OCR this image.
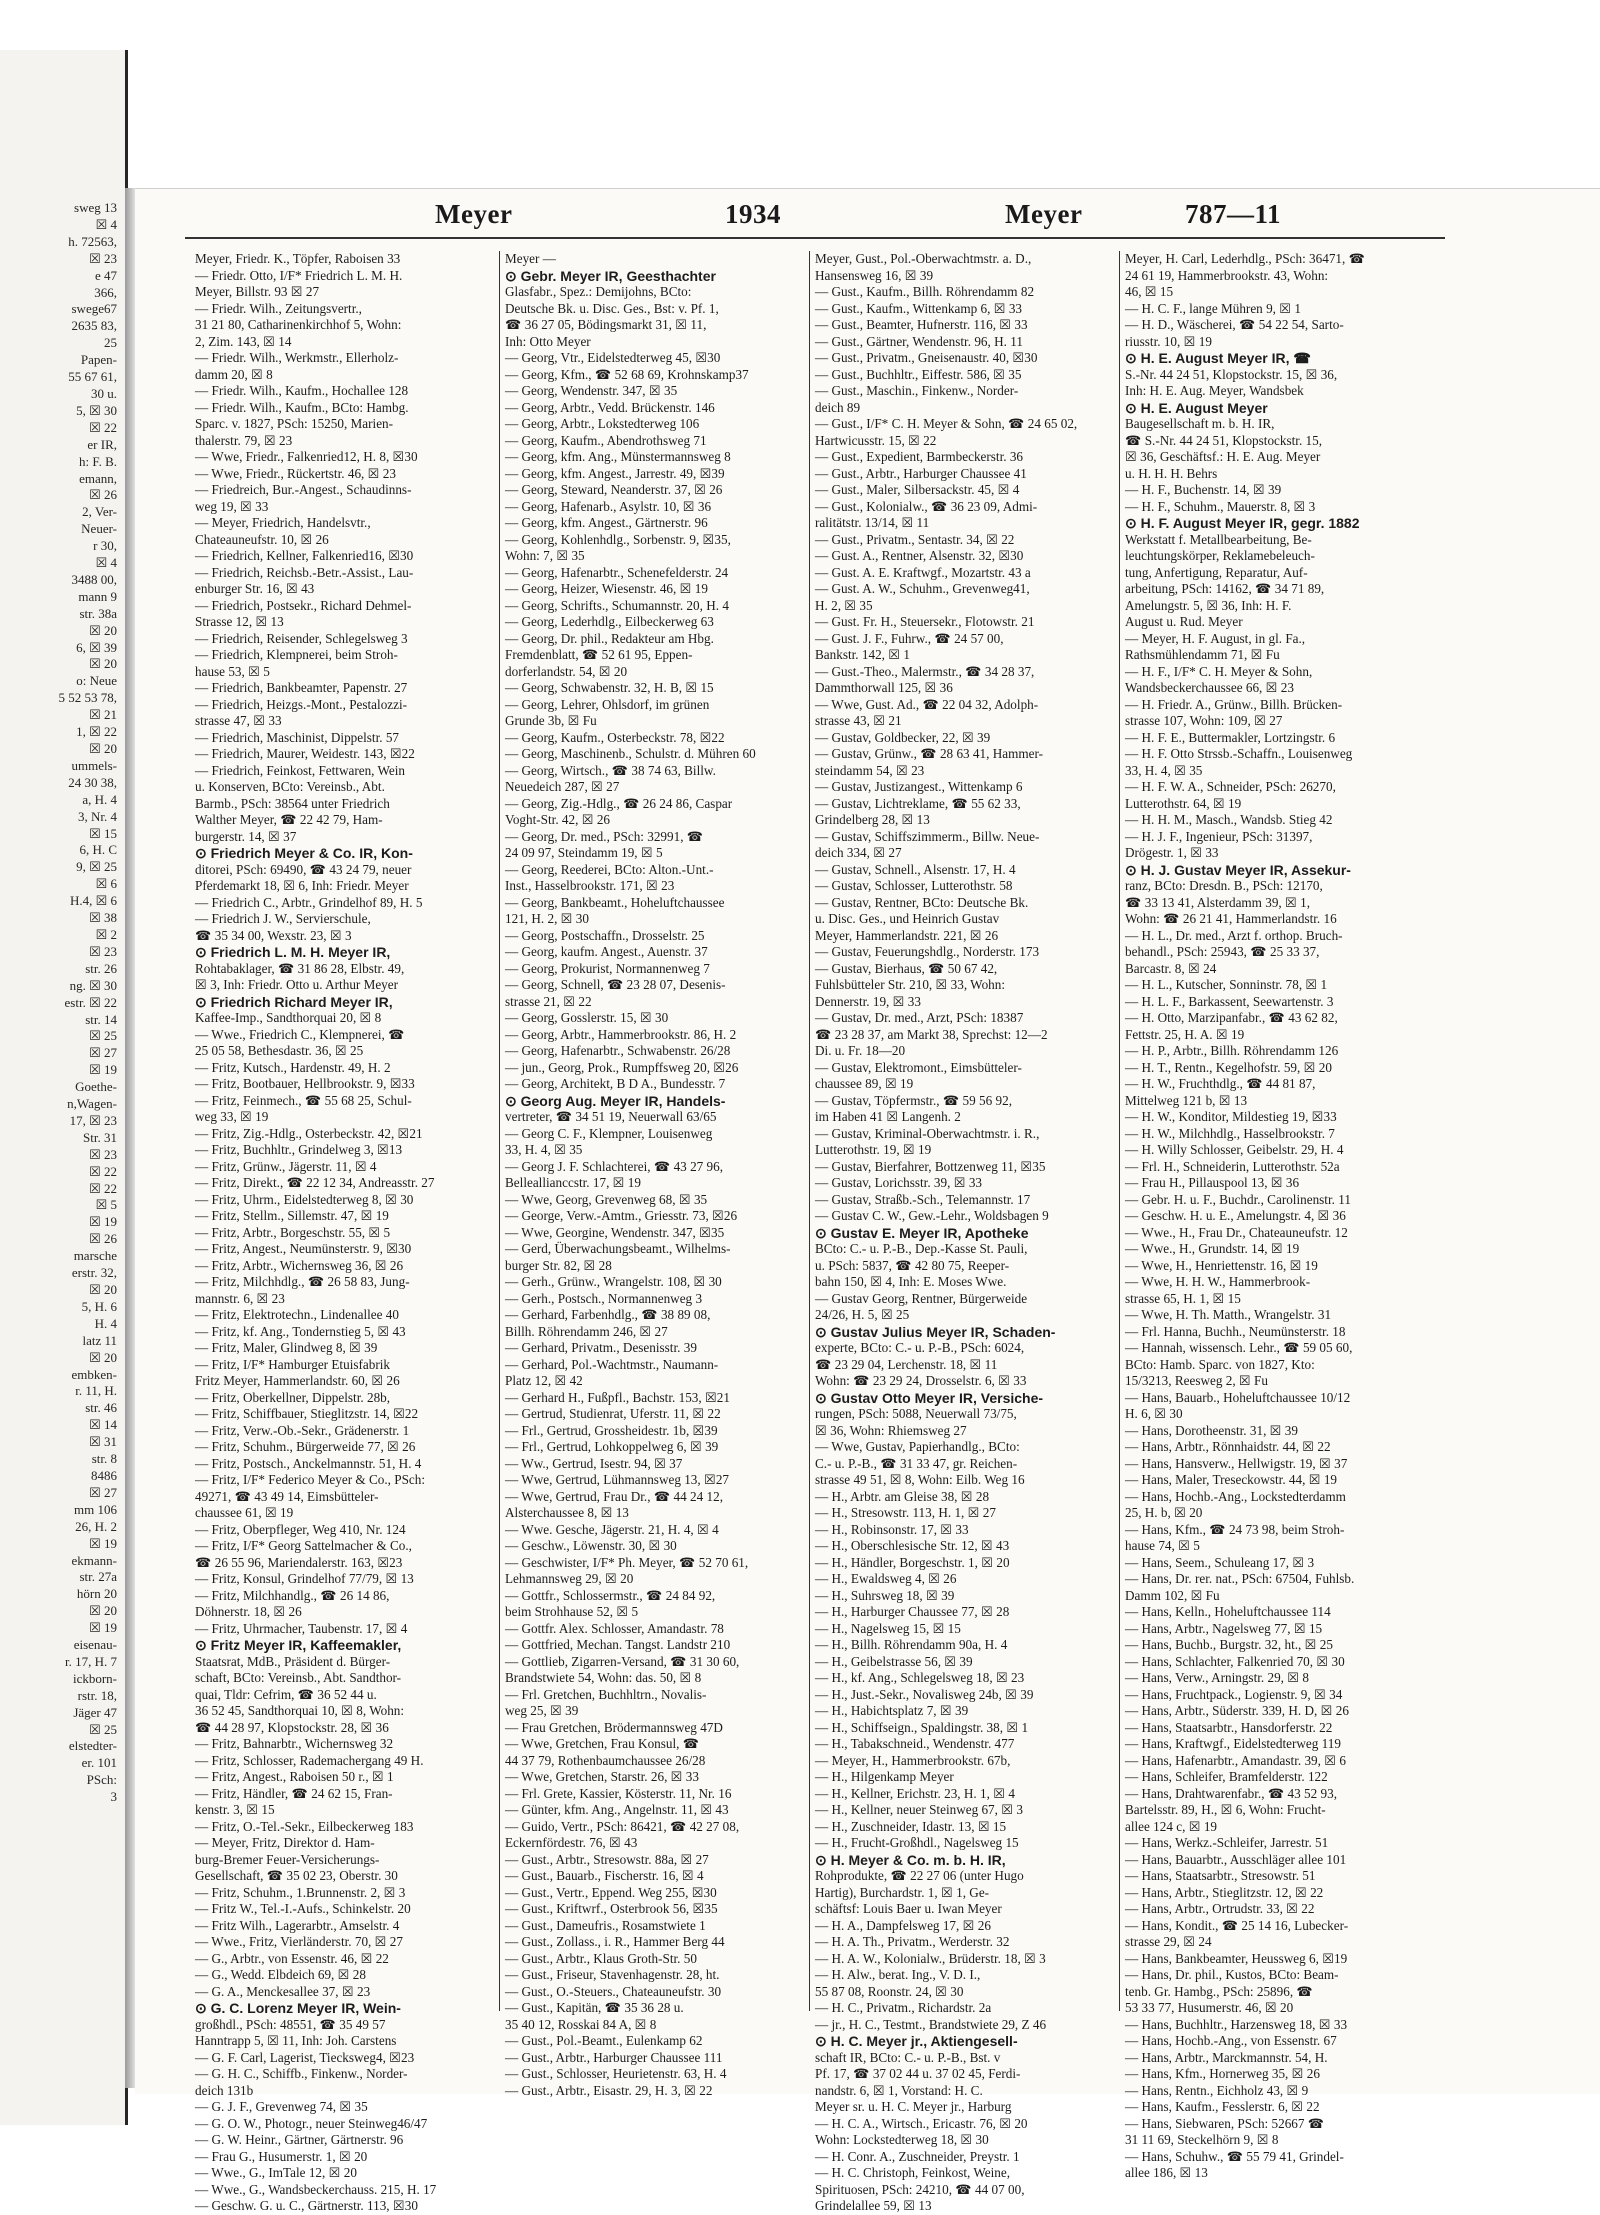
sweg 13
☒ 4
h. 72563,
☒ 23
e 47
366,
swege67
2635 83,
25
Papen-
55 67 61,
30 u.
5, ☒ 30
☒ 22
er IR,
h: F. B.
emann,
☒ 26
2, Ver-
Neuer-
r 30,
☒ 4
3488 00,
mann 9
str. 38a
☒ 20
6, ☒ 39
☒ 20
o: Neue
5 52 53 78,
☒ 21
1, ☒ 22
☒ 20
ummels-
24 30 38,
a, H. 4
3, Nr. 4
☒ 15
6, H. C
9, ☒ 25
☒ 6
H.4, ☒ 6
☒ 38
☒ 2
☒ 23
str. 26
ng. ☒ 30
estr. ☒ 22
str. 14
☒ 25
☒ 27
☒ 19
Goethe-
n,Wagen-
17, ☒ 23
Str. 31
☒ 23
☒ 22
☒ 22
☒ 5
☒ 19
☒ 26
marsche
erstr. 32,
☒ 20
5, H. 6
H. 4
latz 11
☒ 20
embken-
r. 11, H.
str. 46
☒ 14
☒ 31
str. 8
8486
☒ 27
mm 106
26, H. 2
☒ 19
ekmann-
str. 27a
hörn 20
☒ 20
☒ 19
eisenau-
r. 17, H. 7
ickborn-
rstr. 18,
Jäger 47
☒ 25
elstedter-
er. 101
PSch:
3
Meyer	1934	Meyer	787—11
Meyer, Friedr. K., Töpfer, Raboisen 33
— Friedr. Otto, I/F* Friedrich L. M. H.
Meyer, Billstr. 93 ☒ 27
— Friedr. Wilh., Zeitungsvertr.,
31 21 80, Catharinenkirchhof 5, Wohn:
2, Zim. 143, ☒ 14
— Friedr. Wilh., Werkmstr., Ellerholz-
damm 20, ☒ 8
— Friedr. Wilh., Kaufm., Hochallee 128
— Friedr. Wilh., Kaufm., BCto: Hambg.
Sparc. v. 1827, PSch: 15250, Marien-
thalerstr. 79, ☒ 23
— Wwe, Friedr., Falkenried12, H. 8, ☒30
— Wwe, Friedr., Rückertstr. 46, ☒ 23
— Friedreich, Bur.-Angest., Schaudinns-
weg 19, ☒ 33
— Meyer, Friedrich, Handelsvtr.,
Chateauneufstr. 10, ☒ 26
— Friedrich, Kellner, Falkenried16, ☒30
— Friedrich, Reichsb.-Betr.-Assist., Lau-
enburger Str. 16, ☒ 43
— Friedrich, Postsekr., Richard Dehmel-
Strasse 12, ☒ 13
— Friedrich, Reisender, Schlegelsweg 3
— Friedrich, Klempnerei, beim Stroh-
hause 53, ☒ 5
— Friedrich, Bankbeamter, Papenstr. 27
— Friedrich, Heizgs.-Mont., Pestalozzi-
strasse 47, ☒ 33
— Friedrich, Maschinist, Dippelstr. 57
— Friedrich, Maurer, Weidestr. 143, ☒22
— Friedrich, Feinkost, Fettwaren, Wein
u. Konserven, BCto: Vereinsb., Abt.
Barmb., PSch: 38564 unter Friedrich
Walther Meyer, ☎ 22 42 79, Ham-
burgerstr. 14, ☒ 37
⊙ Friedrich Meyer & Co. IR, Kon-
ditorei, PSch: 69490, ☎ 43 24 79, neuer
Pferdemarkt 18, ☒ 6, Inh: Friedr. Meyer
— Friedrich C., Arbtr., Grindelhof 89, H. 5
— Friedrich J. W., Servierschule,
☎ 35 34 00, Wexstr. 23, ☒ 3
⊙ Friedrich L. M. H. Meyer IR,
Rohtabaklager, ☎ 31 86 28, Elbstr. 49,
☒ 3, Inh: Friedr. Otto u. Arthur Meyer
⊙ Friedrich Richard Meyer IR,
Kaffee-Imp., Sandthorquai 20, ☒ 8
— Wwe., Friedrich C., Klempnerei, ☎
25 05 58, Bethesdastr. 36, ☒ 25
— Fritz, Kutsch., Hardenstr. 49, H. 2
— Fritz, Bootbauer, Hellbrookstr. 9, ☒33
— Fritz, Feinmech., ☎ 55 68 25, Schul-
weg 33, ☒ 19
— Fritz, Zig.-Hdlg., Osterbeckstr. 42, ☒21
— Fritz, Buchhltr., Grindelweg 3, ☒13
— Fritz, Grünw., Jägerstr. 11, ☒ 4
— Fritz, Direkt., ☎ 22 12 34, Andreasstr. 27
— Fritz, Uhrm., Eidelstedterweg 8, ☒ 30
— Fritz, Stellm., Sillemstr. 47, ☒ 19
— Fritz, Arbtr., Borgeschstr. 55, ☒ 5
— Fritz, Angest., Neumünsterstr. 9, ☒30
— Fritz, Arbtr., Wichernsweg 36, ☒ 26
— Fritz, Milchhdlg., ☎ 26 58 83, Jung-
mannstr. 6, ☒ 23
— Fritz, Elektrotechn., Lindenallee 40
— Fritz, kf. Ang., Tondernstieg 5, ☒ 43
— Fritz, Maler, Glindweg 8, ☒ 39
— Fritz, I/F* Hamburger Etuisfabrik
Fritz Meyer, Hammerlandstr. 60, ☒ 26
— Fritz, Oberkellner, Dippelstr. 28b,
— Fritz, Schiffbauer, Stieglitzstr. 14, ☒22
— Fritz, Verw.-Ob.-Sekr., Grädenerstr. 1
— Fritz, Schuhm., Bürgerweide 77, ☒ 26
— Fritz, Postsch., Anckelmannstr. 51, H. 4
— Fritz, I/F* Federico Meyer & Co., PSch:
49271, ☎ 43 49 14, Eimsbütteler-
chaussee 61, ☒ 19
— Fritz, Oberpfleger, Weg 410, Nr. 124
— Fritz, I/F* Georg Sattelmacher & Co.,
☎ 26 55 96, Mariendalerstr. 163, ☒23
— Fritz, Konsul, Grindelhof 77/79, ☒ 13
— Fritz, Milchhandlg., ☎ 26 14 86,
Döhnerstr. 18, ☒ 26
— Fritz, Uhrmacher, Taubenstr. 17, ☒ 4
⊙ Fritz Meyer IR, Kaffeemakler,
Staatsrat, MdB., Präsident d. Bürger-
schaft, BCto: Vereinsb., Abt. Sandthor-
quai, Tldr: Cefrim, ☎ 36 52 44 u.
36 52 45, Sandthorquai 10, ☒ 8, Wohn:
☎ 44 28 97, Klopstockstr. 28, ☒ 36
— Fritz, Bahnarbtr., Wichernsweg 32
— Fritz, Schlosser, Rademachergang 49 H.
— Fritz, Angest., Raboisen 50 r., ☒ 1
— Fritz, Händler, ☎ 24 62 15, Fran-
kenstr. 3, ☒ 15
— Fritz, O.-Tel.-Sekr., Eilbeckerweg 183
— Meyer, Fritz, Direktor d. Ham-
burg-Bremer Feuer-Versicherungs-
Gesellschaft, ☎ 35 02 23, Oberstr. 30
— Fritz, Schuhm., 1.Brunnenstr. 2, ☒ 3
— Fritz W., Tel.-I.-Aufs., Schinkelstr. 20
— Fritz Wilh., Lagerarbtr., Amselstr. 4
— Wwe., Fritz, Vierländerstr. 70, ☒ 27
— G., Arbtr., von Essenstr. 46, ☒ 22
— G., Wedd. Elbdeich 69, ☒ 28
— G. A., Menckesallee 37, ☒ 23
⊙ G. C. Lorenz Meyer IR, Wein-
großhdl., PSch: 48551, ☎ 35 49 57
Hanntrapp 5, ☒ 11, Inh: Joh. Carstens
— G. F. Carl, Lagerist, Tiecksweg4, ☒23
— G. H. C., Schiffb., Finkenw., Norder-
deich 131b
— G. J. F., Grevenweg 74, ☒ 35
— G. O. W., Photogr., neuer Steinweg46/47
— G. W. Heinr., Gärtner, Gärtnerstr. 96
— Frau G., Husumerstr. 1, ☒ 20
— Wwe., G., ImTale 12, ☒ 20
— Wwe., G., Wandsbeckerchauss. 215, H. 17
— Geschw. G. u. C., Gärtnerstr. 113, ☒30
Meyer —
⊙ Gebr. Meyer IR, Geesthachter
Glasfabr., Spez.: Demijohns, BCto:
Deutsche Bk. u. Disc. Ges., Bst: v. Pf. 1,
☎ 36 27 05, Bödingsmarkt 31, ☒ 11,
Inh: Otto Meyer
— Georg, Vtr., Eidelstedterweg 45, ☒30
— Georg, Kfm., ☎ 52 68 69, Krohnskamp37
— Georg, Wendenstr. 347, ☒ 35
— Georg, Arbtr., Vedd. Brückenstr. 146
— Georg, Arbtr., Lokstedterweg 106
— Georg, Kaufm., Abendrothsweg 71
— Georg, kfm. Ang., Münstermannsweg 8
— Georg, kfm. Angest., Jarrestr. 49, ☒39
— Georg, Steward, Neanderstr. 37, ☒ 26
— Georg, Hafenarb., Asylstr. 10, ☒ 36
— Georg, kfm. Angest., Gärtnerstr. 96
— Georg, Kohlenhdlg., Sorbenstr. 9, ☒35,
Wohn: 7, ☒ 35
— Georg, Hafenarbtr., Schenefelderstr. 24
— Georg, Heizer, Wiesenstr. 46, ☒ 19
— Georg, Schrifts., Schumannstr. 20, H. 4
— Georg, Lederhdlg., Eilbeckerweg 63
— Georg, Dr. phil., Redakteur am Hbg.
Fremdenblatt, ☎ 52 61 95, Eppen-
dorferlandstr. 54, ☒ 20
— Georg, Schwabenstr. 32, H. B, ☒ 15
— Georg, Lehrer, Ohlsdorf, im grünen
Grunde 3b, ☒ Fu
— Georg, Kaufm., Osterbeckstr. 78, ☒22
— Georg, Maschinenb., Schulstr. d. Mühren 60
— Georg, Wirtsch., ☎ 38 74 63, Billw.
Neuedeich 287, ☒ 27
— Georg, Zig.-Hdlg., ☎ 26 24 86, Caspar
Voght-Str. 42, ☒ 26
— Georg, Dr. med., PSch: 32991, ☎
24 09 97, Steindamm 19, ☒ 5
— Georg, Reederei, BCto: Alton.-Unt.-
Inst., Hasselbrookstr. 171, ☒ 23
— Georg, Bankbeamt., Hoheluftchaussee
121, H. 2, ☒ 30
— Georg, Postschaffn., Drosselstr. 25
— Georg, kaufm. Angest., Auenstr. 37
— Georg, Prokurist, Normannenweg 7
— Georg, Schnell, ☎ 23 28 07, Desenis-
strasse 21, ☒ 22
— Georg, Gosslerstr. 15, ☒ 30
— Georg, Arbtr., Hammerbrookstr. 86, H. 2
— Georg, Hafenarbtr., Schwabenstr. 26/28
— jun., Georg, Prok., Rumpffsweg 20, ☒26
— Georg, Architekt, B D A., Bundesstr. 7
⊙ Georg Aug. Meyer IR, Handels-
vertreter, ☎ 34 51 19, Neuerwall 63/65
— Georg C. F., Klempner, Louisenweg
33, H. 4, ☒ 35
— Georg J. F. Schlachterei, ☎ 43 27 96,
Belleallianccstr. 17, ☒ 19
— Wwe, Georg, Grevenweg 68, ☒ 35
— George, Verw.-Amtm., Griesstr. 73, ☒26
— Wwe, Georgine, Wendenstr. 347, ☒35
— Gerd, Überwachungsbeamt., Wilhelms-
burger Str. 82, ☒ 28
— Gerh., Grünw., Wrangelstr. 108, ☒ 30
— Gerh., Postsch., Normannenweg 3
— Gerhard, Farbenhdlg., ☎ 38 89 08,
Billh. Röhrendamm 246, ☒ 27
— Gerhard, Privatm., Desenisstr. 39
— Gerhard, Pol.-Wachtmstr., Naumann-
Platz 12, ☒ 42
— Gerhard H., Fußpfl., Bachstr. 153, ☒21
— Gertrud, Studienrat, Uferstr. 11, ☒ 22
— Frl., Gertrud, Grossheidestr. 1b, ☒39
— Frl., Gertrud, Lohkoppelweg 6, ☒ 39
— Ww., Gertrud, Isestr. 94, ☒ 37
— Wwe, Gertrud, Lühmannsweg 13, ☒27
— Wwe, Gertrud, Frau Dr., ☎ 44 24 12,
Alsterchaussee 8, ☒ 13
— Wwe. Gesche, Jägerstr. 21, H. 4, ☒ 4
— Geschw., Löwenstr. 30, ☒ 30
— Geschwister, I/F* Ph. Meyer, ☎ 52 70 61,
Lehmannsweg 29, ☒ 20
— Gottfr., Schlossermstr., ☎ 24 84 92,
beim Strohhause 52, ☒ 5
— Gottfr. Alex. Schlosser, Amandastr. 78
— Gottfried, Mechan. Tangst. Landstr 210
— Gottlieb, Zigarren-Versand, ☎ 31 30 60,
Brandstwiete 54, Wohn: das. 50, ☒ 8
— Frl. Gretchen, Buchhltrn., Novalis-
weg 25, ☒ 39
— Frau Gretchen, Brödermannsweg 47D
— Wwe, Gretchen, Frau Konsul, ☎
44 37 79, Rothenbaumchaussee 26/28
— Wwe, Gretchen, Starstr. 26, ☒ 33
— Frl. Grete, Kassier, Kösterstr. 11, Nr. 16
— Günter, kfm. Ang., Angelnstr. 11, ☒ 43
— Guido, Vertr., PSch: 86421, ☎ 42 27 08,
Eckernfördestr. 76, ☒ 43
— Gust., Arbtr., Stresowstr. 88a, ☒ 27
— Gust., Bauarb., Fischerstr. 16, ☒ 4
— Gust., Vertr., Eppend. Weg 255, ☒30
— Gust., Kriftwrf., Osterbrook 56, ☒35
— Gust., Dameufris., Rosamstwiete 1
— Gust., Zollass., i. R., Hammer Berg 44
— Gust., Arbtr., Klaus Groth-Str. 50
— Gust., Friseur, Stavenhagenstr. 28, ht.
— Gust., O.-Steuers., Chateauneufstr. 30
— Gust., Kapitän, ☎ 35 36 28 u.
35 40 12, Rosskai 84 A, ☒ 8
— Gust., Pol.-Beamt., Eulenkamp 62
— Gust., Arbtr., Harburger Chaussee 111
— Gust., Schlosser, Heurietenstr. 63, H. 4
— Gust., Arbtr., Eisastr. 29, H. 3, ☒ 22
Meyer, Gust., Pol.-Oberwachtmstr. a. D.,
Hansensweg 16, ☒ 39
— Gust., Kaufm., Billh. Röhrendamm 82
— Gust., Kaufm., Wittenkamp 6, ☒ 33
— Gust., Beamter, Hufnerstr. 116, ☒ 33
— Gust., Gärtner, Wendenstr. 96, H. 11
— Gust., Privatm., Gneisenaustr. 40, ☒30
— Gust., Buchhltr., Eiffestr. 586, ☒ 35
— Gust., Maschin., Finkenw., Norder-
deich 89
— Gust., I/F* C. H. Meyer & Sohn, ☎ 24 65 02,
Hartwicusstr. 15, ☒ 22
— Gust., Expedient, Barmbeckerstr. 36
— Gust., Arbtr., Harburger Chaussee 41
— Gust., Maler, Silbersackstr. 45, ☒ 4
— Gust., Kolonialw., ☎ 36 23 09, Admi-
ralitätstr. 13/14, ☒ 11
— Gust., Privatm., Sentastr. 34, ☒ 22
— Gust. A., Rentner, Alsenstr. 32, ☒30
— Gust. A. E. Kraftwgf., Mozartstr. 43 a
— Gust. A. W., Schuhm., Grevenweg41,
H. 2, ☒ 35
— Gust. Fr. H., Steuersekr., Flotowstr. 21
— Gust. J. F., Fuhrw., ☎ 24 57 00,
Bankstr. 142, ☒ 1
— Gust.-Theo., Malermstr., ☎ 34 28 37,
Dammthorwall 125, ☒ 36
— Wwe, Gust. Ad., ☎ 22 04 32, Adolph-
strasse 43, ☒ 21
— Gustav, Goldbecker, 22, ☒ 39
— Gustav, Grünw., ☎ 28 63 41, Hammer-
steindamm 54, ☒ 23
— Gustav, Justizangest., Wittenkamp 6
— Gustav, Lichtreklame, ☎ 55 62 33,
Grindelberg 28, ☒ 13
— Gustav, Schiffszimmerm., Billw. Neue-
deich 334, ☒ 27
— Gustav, Schnell., Alsenstr. 17, H. 4
— Gustav, Schlosser, Lutterothstr. 58
— Gustav, Rentner, BCto: Deutsche Bk.
u. Disc. Ges., und Heinrich Gustav
Meyer, Hammerlandstr. 221, ☒ 26
— Gustav, Feuerungshdlg., Norderstr. 173
— Gustav, Bierhaus, ☎ 50 67 42,
Fuhlsbütteler Str. 210, ☒ 33, Wohn:
Dennerstr. 19, ☒ 33
— Gustav, Dr. med., Arzt, PSch: 18387
☎ 23 28 37, am Markt 38, Sprechst: 12—2
Di. u. Fr. 18—20
— Gustav, Elektromont., Eimsbütteler-
chaussee 89, ☒ 19
— Gustav, Töpfermstr., ☎ 59 56 92,
im Haben 41 ☒ Langenh. 2
— Gustav, Kriminal-Oberwachtmstr. i. R.,
Lutterothstr. 19, ☒ 19
— Gustav, Bierfahrer, Bottzenweg 11, ☒35
— Gustav, Lorichsstr. 39, ☒ 33
— Gustav, Straßb.-Sch., Telemannstr. 17
— Gustav C. W., Gew.-Lehr., Woldsbagen 9
⊙ Gustav E. Meyer IR, Apotheke
BCto: C.- u. P.-B., Dep.-Kasse St. Pauli,
u. PSch: 5837, ☎ 42 80 75, Reeper-
bahn 150, ☒ 4, Inh: E. Moses Wwe.
— Gustav Georg, Rentner, Bürgerweide
24/26, H. 5, ☒ 25
⊙ Gustav Julius Meyer IR, Schaden-
experte, BCto: C.- u. P.-B., PSch: 6024,
☎ 23 29 04, Lerchenstr. 18, ☒ 11
Wohn: ☎ 23 29 24, Drosselstr. 6, ☒ 33
⊙ Gustav Otto Meyer IR, Versiche-
rungen, PSch: 5088, Neuerwall 73/75,
☒ 36, Wohn: Rhiemsweg 27
— Wwe, Gustav, Papierhandlg., BCto:
C.- u. P.-B., ☎ 31 33 47, gr. Reichen-
strasse 49 51, ☒ 8, Wohn: Eilb. Weg 16
— H., Arbtr. am Gleise 38, ☒ 28
— H., Stresowstr. 113, H. 1, ☒ 27
— H., Robinsonstr. 17, ☒ 33
— H., Oberschlesische Str. 12, ☒ 43
— H., Händler, Borgeschstr. 1, ☒ 20
— H., Ewaldsweg 4, ☒ 26
— H., Suhrsweg 18, ☒ 39
— H., Harburger Chaussee 77, ☒ 28
— H., Nagelsweg 15, ☒ 15
— H., Billh. Röhrendamm 90a, H. 4
— H., Geibelstrasse 56, ☒ 39
— H., kf. Ang., Schlegelsweg 18, ☒ 23
— H., Just.-Sekr., Novalisweg 24b, ☒ 39
— H., Habichtsplatz 7, ☒ 39
— H., Schiffseign., Spaldingstr. 38, ☒ 1
— H., Tabakschneid., Wendenstr. 477
— Meyer, H., Hammerbrookstr. 67b,
— H., Hilgenkamp Meyer
— H., Kellner, Erichstr. 23, H. 1, ☒ 4
— H., Kellner, neuer Steinweg 67, ☒ 3
— H., Zuschneider, Idastr. 13, ☒ 15
— H., Frucht-Großhdl., Nagelsweg 15
⊙ H. Meyer & Co. m. b. H. IR,
Rohprodukte, ☎ 22 27 06 (unter Hugo
Hartig), Burchardstr. 1, ☒ 1, Ge-
schäftsf: Louis Baer u. Iwan Meyer
— H. A., Dampfelsweg 17, ☒ 26
— H. A. Th., Privatm., Werderstr. 32
— H. A. W., Kolonialw., Brüderstr. 18, ☒ 3
— H. Alw., berat. Ing., V. D. I.,
55 87 08, Roonstr. 24, ☒ 30
— H. C., Privatm., Richardstr. 2a
— jr., H. C., Testmt., Brandstwiete 29, Z 46
⊙ H. C. Meyer jr., Aktiengesell-
schaft IR, BCto: C.- u. P.-B., Bst. v
Pf. 17, ☎ 37 02 44 u. 37 02 45, Ferdi-
nandstr. 6, ☒ 1, Vorstand: H. C.
Meyer sr. u. H. C. Meyer jr., Harburg
— H. C. A., Wirtsch., Ericastr. 76, ☒ 20
Wohn: Lockstedterweg 18, ☒ 30
— H. Conr. A., Zuschneider, Preystr. 1
— H. C. Christoph, Feinkost, Weine,
Spirituosen, PSch: 24210, ☎ 44 07 00,
Grindelallee 59, ☒ 13
Meyer, H. Carl, Lederhdlg., PSch: 36471, ☎
24 61 19, Hammerbrookstr. 43, Wohn:
46, ☒ 15
— H. C. F., lange Mühren 9, ☒ 1
— H. D., Wäscherei, ☎ 54 22 54, Sarto-
riusstr. 10, ☒ 19
⊙ H. E. August Meyer IR, ☎
S.-Nr. 44 24 51, Klopstockstr. 15, ☒ 36,
Inh: H. E. Aug. Meyer, Wandsbek
⊙ H. E. August Meyer
Baugesellschaft m. b. H. IR,
☎ S.-Nr. 44 24 51, Klopstockstr. 15,
☒ 36, Geschäftsf.: H. E. Aug. Meyer
u. H. H. H. Behrs
— H. F., Buchenstr. 14, ☒ 39
— H. F., Schuhm., Mauerstr. 8, ☒ 3
⊙ H. F. August Meyer IR, gegr. 1882
Werkstatt f. Metallbearbeitung, Be-
leuchtungskörper, Reklamebeleuch-
tung, Anfertigung, Reparatur, Auf-
arbeitung, PSch: 14162, ☎ 34 71 89,
Amelungstr. 5, ☒ 36, Inh: H. F.
August u. Rud. Meyer
— Meyer, H. F. August, in gl. Fa.,
Rathsmühlendamm 71, ☒ Fu
— H. F., I/F* C. H. Meyer & Sohn,
Wandsbeckerchaussee 66, ☒ 23
— H. Friedr. A., Grünw., Billh. Brücken-
strasse 107, Wohn: 109, ☒ 27
— H. F. E., Buttermakler, Lortzingstr. 6
— H. F. Otto Strssb.-Schaffn., Louisenweg
33, H. 4, ☒ 35
— H. F. W. A., Schneider, PSch: 26270,
Lutterothstr. 64, ☒ 19
— H. H. M., Masch., Wandsb. Stieg 42
— H. J. F., Ingenieur, PSch: 31397,
Drögestr. 1, ☒ 33
⊙ H. J. Gustav Meyer IR, Assekur-
ranz, BCto: Dresdn. B., PSch: 12170,
☎ 33 13 41, Alsterdamm 39, ☒ 1,
Wohn: ☎ 26 21 41, Hammerlandstr. 16
— H. L., Dr. med., Arzt f. orthop. Bruch-
behandl., PSch: 25943, ☎ 25 33 37,
Barcastr. 8, ☒ 24
— H. L., Kutscher, Sonninstr. 78, ☒ 1
— H. L. F., Barkassent, Seewartenstr. 3
— H. Otto, Marzipanfabr., ☎ 43 62 82,
Fettstr. 25, H. A. ☒ 19
— H. P., Arbtr., Billh. Röhrendamm 126
— H. T., Rentn., Kegelhofstr. 59, ☒ 20
— H. W., Fruchthdlg., ☎ 44 81 87,
Mittelweg 121 b, ☒ 13
— H. W., Konditor, Mildestieg 19, ☒33
— H. W., Milchhdlg., Hasselbrookstr. 7
— H. Willy Schlosser, Geibelstr. 29, H. 4
— Frl. H., Schneiderin, Lutterothstr. 52a
— Frau H., Pillauspool 13, ☒ 36
— Gebr. H. u. F., Buchdr., Carolinenstr. 11
— Geschw. H. u. E., Amelungstr. 4, ☒ 36
— Wwe., H., Frau Dr., Chateauneufstr. 12
— Wwe., H., Grundstr. 14, ☒ 19
— Wwe, H., Henriettenstr. 16, ☒ 19
— Wwe, H. H. W., Hammerbrook-
strasse 65, H. 1, ☒ 15
— Wwe, H. Th. Matth., Wrangelstr. 31
— Frl. Hanna, Buchh., Neumünsterstr. 18
— Hannah, wissensch. Lehr., ☎ 59 05 60,
BCto: Hamb. Sparc. von 1827, Kto:
15/3213, Reesweg 2, ☒ Fu
— Hans, Bauarb., Hoheluftchaussee 10/12
H. 6, ☒ 30
— Hans, Dorotheenstr. 31, ☒ 39
— Hans, Arbtr., Rönnhaidstr. 44, ☒ 22
— Hans, Hansverw., Hellwigstr. 19, ☒ 37
— Hans, Maler, Treseckowstr. 44, ☒ 19
— Hans, Hochb.-Ang., Lockstedterdamm
25, H. b, ☒ 20
— Hans, Kfm., ☎ 24 73 98, beim Stroh-
hause 74, ☒ 5
— Hans, Seem., Schuleang 17, ☒ 3
— Hans, Dr. rer. nat., PSch: 67504, Fuhlsb.
Damm 102, ☒ Fu
— Hans, Kelln., Hoheluftchaussee 114
— Hans, Arbtr., Nagelsweg 77, ☒ 15
— Hans, Buchb., Burgstr. 32, ht., ☒ 25
— Hans, Schlachter, Falkenried 70, ☒ 30
— Hans, Verw., Arningstr. 29, ☒ 8
— Hans, Fruchtpack., Logienstr. 9, ☒ 34
— Hans, Arbtr., Süderstr. 339, H. D, ☒ 26
— Hans, Staatsarbtr., Hansdorferstr. 22
— Hans, Kraftwgf., Eidelstedterweg 119
— Hans, Hafenarbtr., Amandastr. 39, ☒ 6
— Hans, Schleifer, Bramfelderstr. 122
— Hans, Drahtwarenfabr., ☎ 43 52 93,
Bartelsstr. 89, H., ☒ 6, Wohn: Frucht-
allee 124 c, ☒ 19
— Hans, Werkz.-Schleifer, Jarrestr. 51
— Hans, Bauarbtr., Ausschläger allee 101
— Hans, Staatsarbtr., Stresowstr. 51
— Hans, Arbtr., Stieglitzstr. 12, ☒ 22
— Hans, Arbtr., Ortrudstr. 33, ☒ 22
— Hans, Kondit., ☎ 25 14 16, Lubecker-
strasse 29, ☒ 24
— Hans, Bankbeamter, Heussweg 6, ☒19
— Hans, Dr. phil., Kustos, BCto: Beam-
tenb. Gr. Hambg., PSch: 25896, ☎
53 33 77, Husumerstr. 46, ☒ 20
— Hans, Buchhltr., Harzensweg 18, ☒ 33
— Hans, Hochb.-Ang., von Essenstr. 67
— Hans, Arbtr., Marckmannstr. 54, H.
— Hans, Kfm., Hornerweg 35, ☒ 26
— Hans, Rentn., Eichholz 43, ☒ 9
— Hans, Kaufm., Fesslerstr. 6, ☒ 22
— Hans, Siebwaren, PSch: 52667 ☎
31 11 69, Steckelhörn 9, ☒ 8
— Hans, Schuhw., ☎ 55 79 41, Grindel-
allee 186, ☒ 13
